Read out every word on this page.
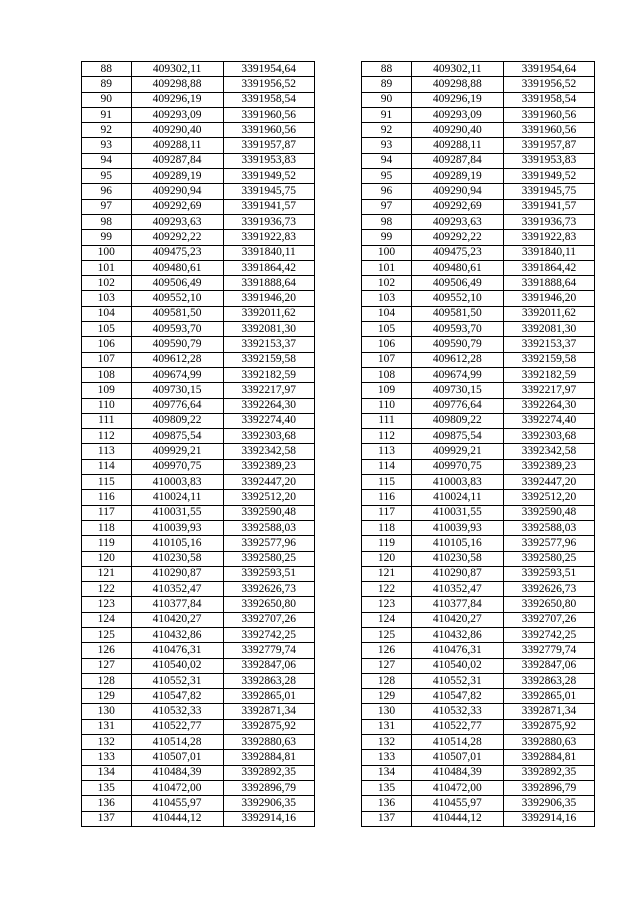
88	409302,11	3391954,64		88	409302,11	3391954,64
89	409298,88	3391956,52		89	409298,88	3391956,52
90	409296,19	3391958,54		90	409296,19	3391958,54
91	409293,09	3391960,56		91	409293,09	3391960,56
92	409290,40	3391960,56		92	409290,40	3391960,56
93	409288,11	3391957,87		93	409288,11	3391957,87
94	409287,84	3391953,83		94	409287,84	3391953,83
95	409289,19	3391949,52		95	409289,19	3391949,52
96	409290,94	3391945,75		96	409290,94	3391945,75
97	409292,69	3391941,57		97	409292,69	3391941,57
98	409293,63	3391936,73		98	409293,63	3391936,73
99	409292,22	3391922,83		99	409292,22	3391922,83
100	409475,23	3391840,11		100	409475,23	3391840,11
101	409480,61	3391864,42		101	409480,61	3391864,42
102	409506,49	3391888,64		102	409506,49	3391888,64
103	409552,10	3391946,20		103	409552,10	3391946,20
104	409581,50	3392011,62		104	409581,50	3392011,62
105	409593,70	3392081,30		105	409593,70	3392081,30
106	409590,79	3392153,37		106	409590,79	3392153,37
107	409612,28	3392159,58		107	409612,28	3392159,58
108	409674,99	3392182,59		108	409674,99	3392182,59
109	409730,15	3392217,97		109	409730,15	3392217,97
110	409776,64	3392264,30		110	409776,64	3392264,30
111	409809,22	3392274,40		111	409809,22	3392274,40
112	409875,54	3392303,68		112	409875,54	3392303,68
113	409929,21	3392342,58		113	409929,21	3392342,58
114	409970,75	3392389,23		114	409970,75	3392389,23
115	410003,83	3392447,20		115	410003,83	3392447,20
116	410024,11	3392512,20		116	410024,11	3392512,20
117	410031,55	3392590,48		117	410031,55	3392590,48
118	410039,93	3392588,03		118	410039,93	3392588,03
119	410105,16	3392577,96		119	410105,16	3392577,96
120	410230,58	3392580,25		120	410230,58	3392580,25
121	410290,87	3392593,51		121	410290,87	3392593,51
122	410352,47	3392626,73		122	410352,47	3392626,73
123	410377,84	3392650,80		123	410377,84	3392650,80
124	410420,27	3392707,26		124	410420,27	3392707,26
125	410432,86	3392742,25		125	410432,86	3392742,25
126	410476,31	3392779,74		126	410476,31	3392779,74
127	410540,02	3392847,06		127	410540,02	3392847,06
128	410552,31	3392863,28		128	410552,31	3392863,28
129	410547,82	3392865,01		129	410547,82	3392865,01
130	410532,33	3392871,34		130	410532,33	3392871,34
131	410522,77	3392875,92		131	410522,77	3392875,92
132	410514,28	3392880,63		132	410514,28	3392880,63
133	410507,01	3392884,81		133	410507,01	3392884,81
134	410484,39	3392892,35		134	410484,39	3392892,35
135	410472,00	3392896,79		135	410472,00	3392896,79
136	410455,97	3392906,35		136	410455,97	3392906,35
137	410444,12	3392914,16		137	410444,12	3392914,16
